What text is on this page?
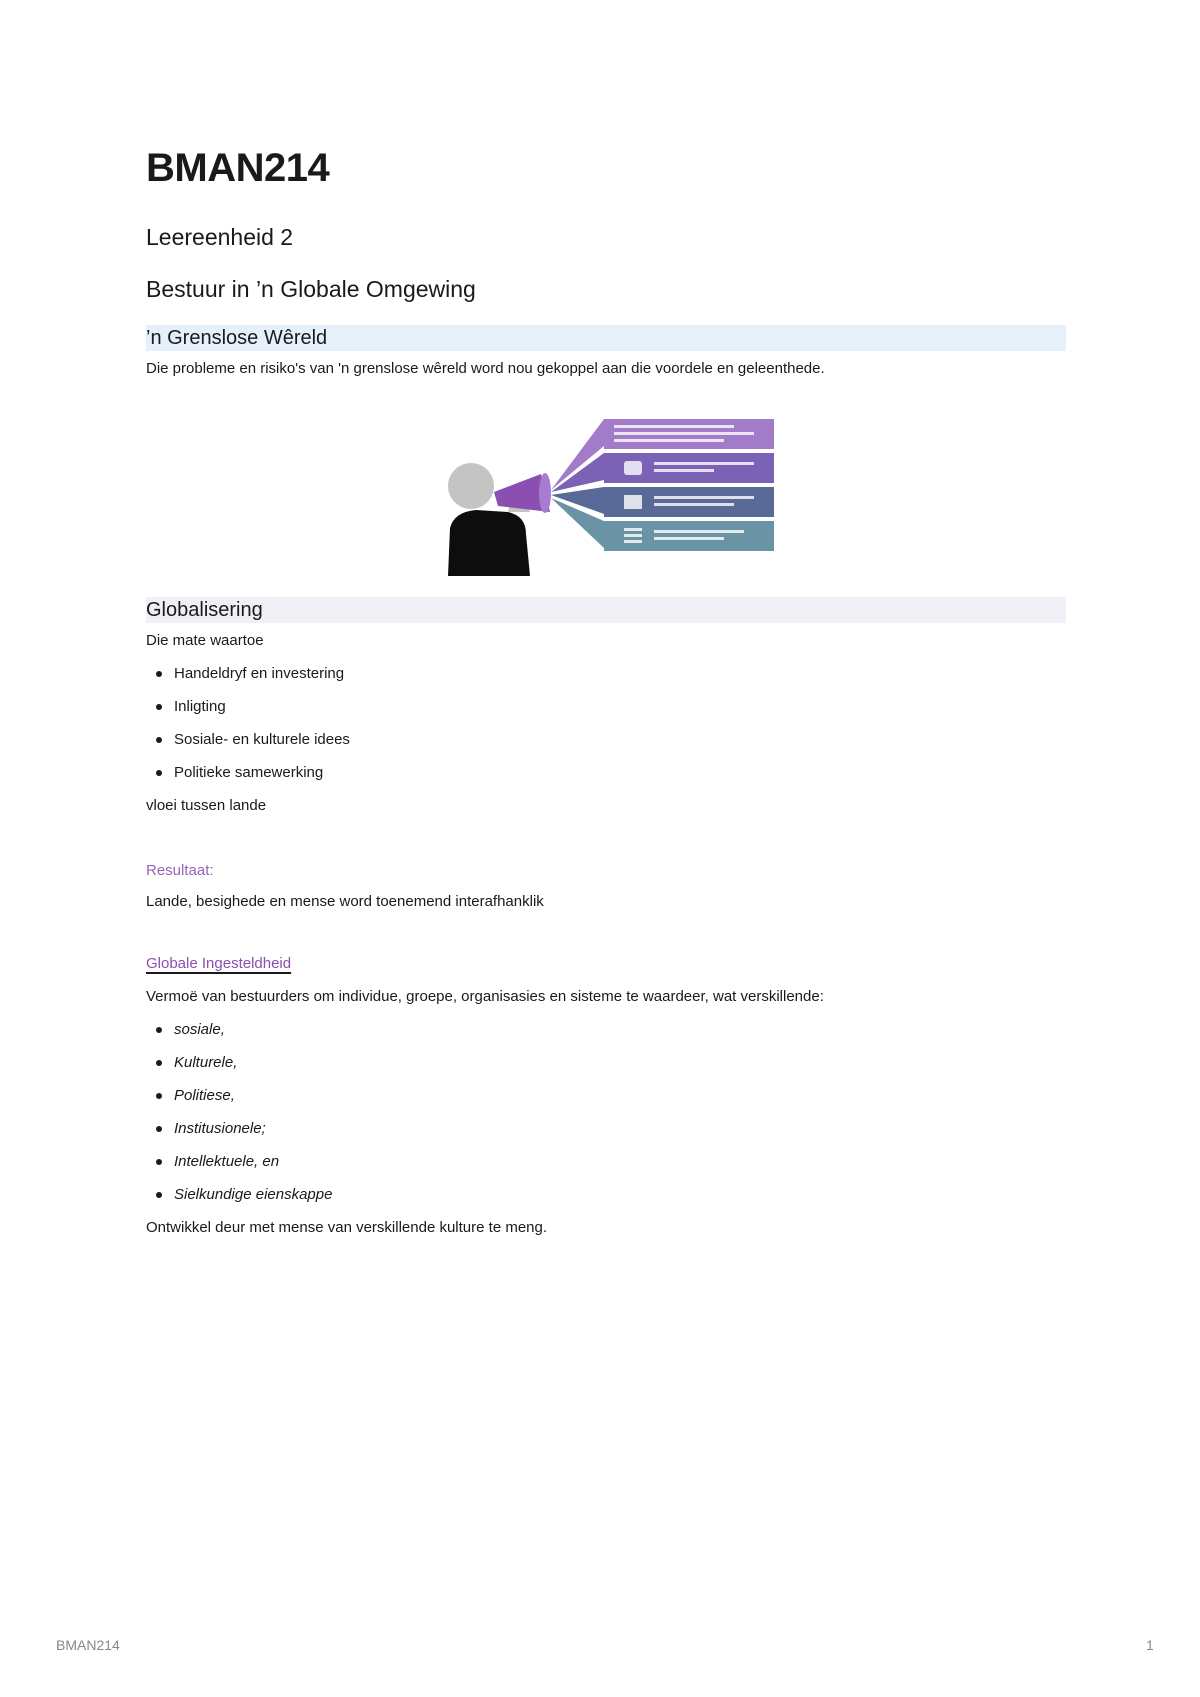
BMAN214
Leereenheid 2
Bestuur in ’n Globale Omgewing
’n Grenslose Wêreld

Die probleme en risiko's van 'n grenslose wêreld word nou gekoppel aan die voordele en geleenthede.

Globalisering

Die mate waartoe

Handeldryf en investering
Inligting
Sosiale- en kulturele idees
Politieke samewerking

vloei tussen lande

Resultaat:

Lande, besighede en mense word toenemend interafhanklik

Globale Ingesteldheid

Vermoë van bestuurders om individue, groepe, organisasies en sisteme te waardeer, wat verskillende:

sosiale,
Kulturele,
Politiese,
Institusionele;
Intellektuele, en
Sielkundige eienskappe

Ontwikkel deur met mense van verskillende kulture te meng.

BMAN214	1
